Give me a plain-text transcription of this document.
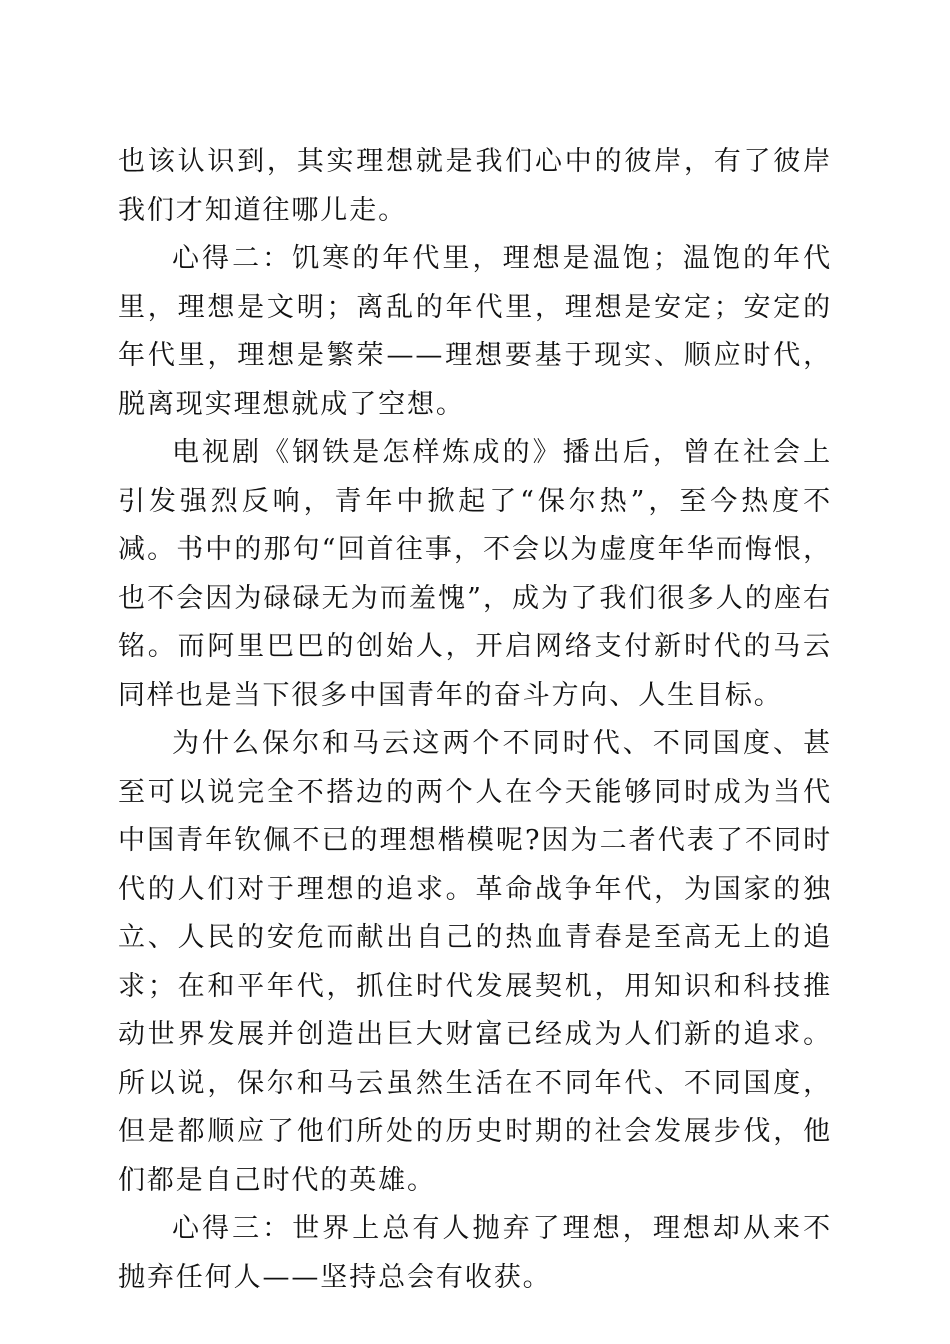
也该认识到，其实理想就是我们心中的彼岸，有了彼岸我们才知道往哪儿走。

心得二：饥寒的年代里，理想是温饱；温饱的年代里，理想是文明；离乱的年代里，理想是安定；安定的年代里，理想是繁荣——理想要基于现实、顺应时代，脱离现实理想就成了空想。

电视剧《钢铁是怎样炼成的》播出后，曾在社会上引发强烈反响，青年中掀起了“保尔热”，至今热度不减。书中的那句“回首往事，不会以为虚度年华而悔恨，也不会因为碌碌无为而羞愧”，成为了我们很多人的座右铭。而阿里巴巴的创始人，开启网络支付新时代的马云同样也是当下很多中国青年的奋斗方向、人生目标。

为什么保尔和马云这两个不同时代、不同国度、甚至可以说完全不搭边的两个人在今天能够同时成为当代中国青年钦佩不已的理想楷模呢?因为二者代表了不同时代的人们对于理想的追求。革命战争年代，为国家的独立、人民的安危而献出自己的热血青春是至高无上的追求；在和平年代，抓住时代发展契机，用知识和科技推动世界发展并创造出巨大财富已经成为人们新的追求。所以说，保尔和马云虽然生活在不同年代、不同国度，但是都顺应了他们所处的历史时期的社会发展步伐，他们都是自己时代的英雄。

心得三：世界上总有人抛弃了理想，理想却从来不抛弃任何人——坚持总会有收获。
